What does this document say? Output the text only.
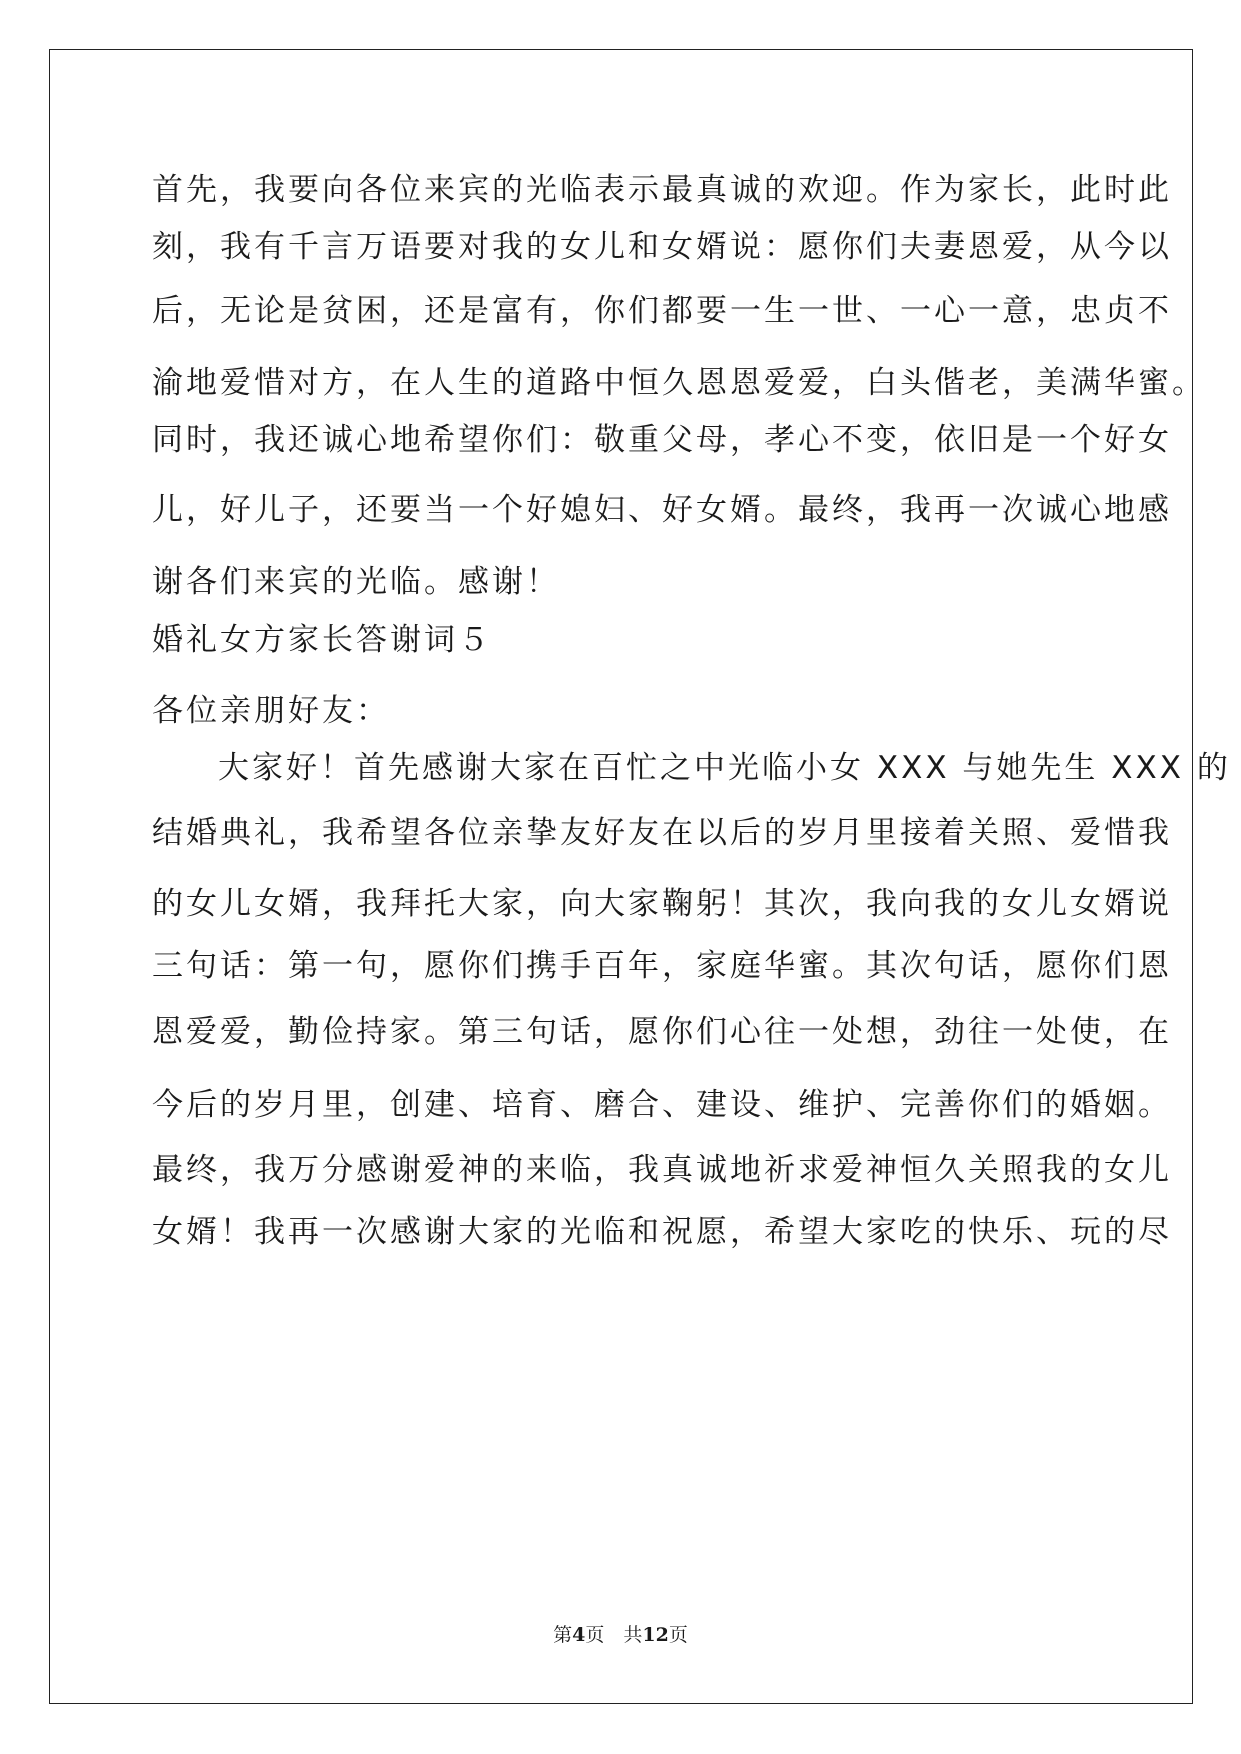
首先，我要向各位来宾的光临表示最真诚的欢迎。作为家长，此时此
刻，我有千言万语要对我的女儿和女婿说：愿你们夫妻恩爱，从今以
后，无论是贫困，还是富有，你们都要一生一世、一心一意，忠贞不
渝地爱惜对方，在人生的道路中恒久恩恩爱爱，白头偕老，美满华蜜。
同时，我还诚心地希望你们：敬重父母，孝心不变，依旧是一个好女
儿，好儿子，还要当一个好媳妇、好女婿。最终，我再一次诚心地感
谢各们来宾的光临。感谢！
婚礼女方家长答谢词５
各位亲朋好友：
大家好！首先感谢大家在百忙之中光临小女 XXX 与她先生 XXX 的
结婚典礼，我希望各位亲挚友好友在以后的岁月里接着关照、爱惜我
的女儿女婿，我拜托大家，向大家鞠躬！其次，我向我的女儿女婿说
三句话：第一句，愿你们携手百年，家庭华蜜。其次句话，愿你们恩
恩爱爱，勤俭持家。第三句话，愿你们心往一处想，劲往一处使，在
今后的岁月里，创建、培育、磨合、建设、维护、完善你们的婚姻。
最终，我万分感谢爱神的来临，我真诚地祈求爱神恒久关照我的女儿
女婿！我再一次感谢大家的光临和祝愿，希望大家吃的快乐、玩的尽
第4页　共12页
